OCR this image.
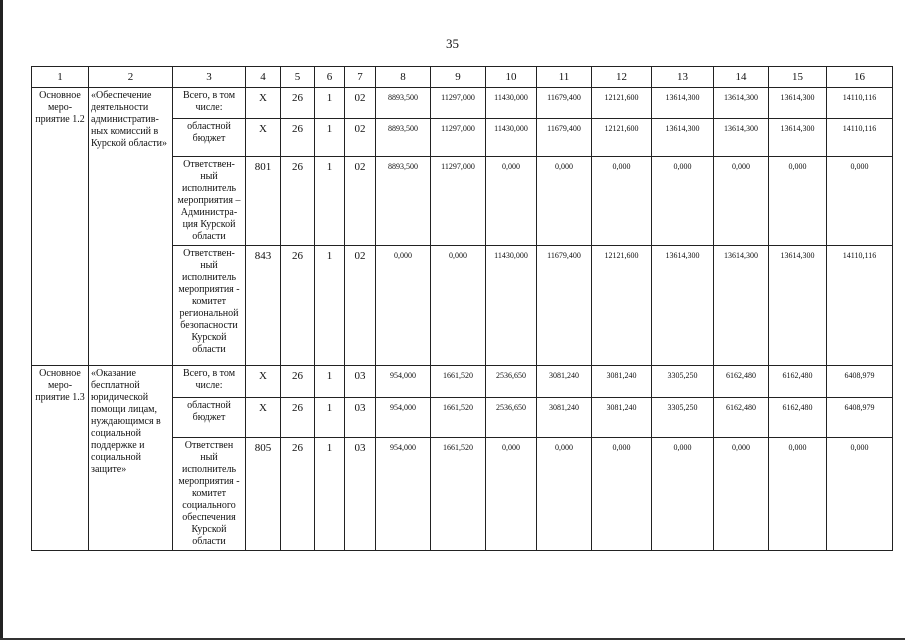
35
1	2	3	4	5	6	7	8	9	10	11	12	13	14	15	16
Основное меро-приятие 1.2	«Обеспечение деятельности административ-ных комиссий в Курской области»	Всего, в том числе:	X	26	1	02	8893,500	11297,000	11430,000	11679,400	12121,600	13614,300	13614,300	13614,300	14110,116
		областной бюджет	X	26	1	02	8893,500	11297,000	11430,000	11679,400	12121,600	13614,300	13614,300	13614,300	14110,116
		Ответствен-ный исполнитель мероприятия – Администра-ция Курской области	801	26	1	02	8893,500	11297,000	0,000	0,000	0,000	0,000	0,000	0,000	0,000
		Ответствен-ный исполнитель мероприятия - комитет региональной безопасности Курской области	843	26	1	02	0,000	0,000	11430,000	11679,400	12121,600	13614,300	13614,300	13614,300	14110,116
Основное меро-приятие 1.3	«Оказание бесплатной юридической помощи лицам, нуждающимся в социальной поддержке и социальной защите»	Всего, в том числе:	X	26	1	03	954,000	1661,520	2536,650	3081,240	3081,240	3305,250	6162,480	6162,480	6408,979
		областной бюджет	X	26	1	03	954,000	1661,520	2536,650	3081,240	3081,240	3305,250	6162,480	6162,480	6408,979
		Ответствен ный исполнитель мероприятия - комитет социального обеспечения Курской области	805	26	1	03	954,000	1661,520	0,000	0,000	0,000	0,000	0,000	0,000	0,000
